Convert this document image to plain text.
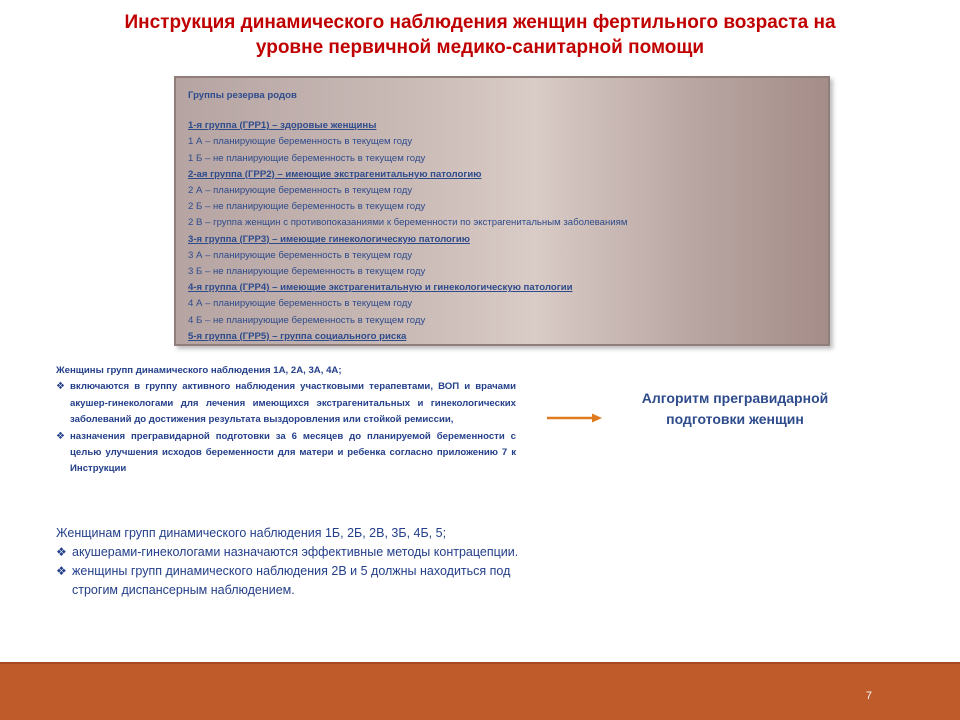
Инструкция динамического наблюдения женщин фертильного возраста на
уровне первичной медико-санитарной помощи
Группы резерва родов
1-я группа (ГРР1) – здоровые женщины
1 А – планирующие беременность в текущем году
1 Б – не планирующие беременность в текущем году
2-ая группа (ГРР2) – имеющие экстрагенитальную патологию
2 А – планирующие беременность в текущем году
2 Б – не планирующие беременность в текущем году
2 В – группа женщин с противопоказаниями к беременности по экстрагенитальным заболеваниям
3-я группа (ГРР3) – имеющие гинекологическую патологию
3 А – планирующие беременность в текущем году
3 Б – не планирующие беременность в текущем году
4-я группа (ГРР4) – имеющие экстрагенитальную и гинекологическую патологии
4 А – планирующие беременность в текущем году
4 Б – не планирующие беременность в текущем году
5-я группа (ГРР5) – группа социального риска
Женщины групп динамического наблюдения 1А, 2А, 3А, 4А;
❖ включаются в группу активного наблюдения участковыми терапевтами, ВОП и врачами акушер-гинекологами для лечения имеющихся экстрагенитальных и гинекологических заболеваний до достижения результата выздоровления или стойкой ремиссии,
❖ назначения прегравидарной подготовки за 6 месяцев до планируемой беременности с целью улучшения исходов беременности для матери и ребенка согласно приложению 7 к Инструкции
Алгоритм прегравидарной
подготовки женщин
Женщинам групп динамического наблюдения 1Б, 2Б, 2В, 3Б, 4Б, 5;
❖ акушерами-гинекологами назначаются эффективные методы контрацепции.
❖ женщины групп динамического наблюдения 2В и 5 должны находиться под строгим диспансерным наблюдением.
7
